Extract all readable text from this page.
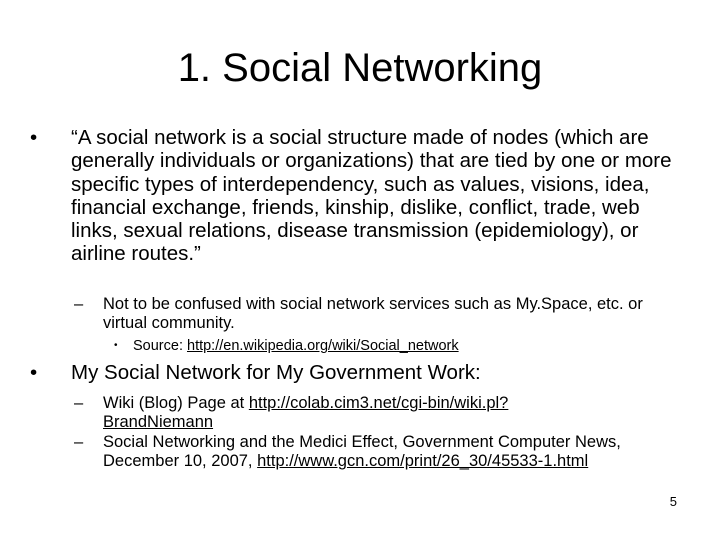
1. Social Networking
•	“A social network is a social structure made of nodes (which are generally individuals or organizations) that are tied by one or more specific types of interdependency, such as values, visions, idea, financial exchange, friends, kinship, dislike, conflict, trade, web links, sexual relations, disease transmission (epidemiology), or airline routes.”
– Not to be confused with social network services such as My.Space, etc. or virtual community.
• Source: http://en.wikipedia.org/wiki/Social_network
•	My Social Network for My Government Work:
– Wiki (Blog) Page at http://colab.cim3.net/cgi-bin/wiki.pl?BrandNiemann
– Social Networking and the Medici Effect, Government Computer News, December 10, 2007, http://www.gcn.com/print/26_30/45533-1.html
5
